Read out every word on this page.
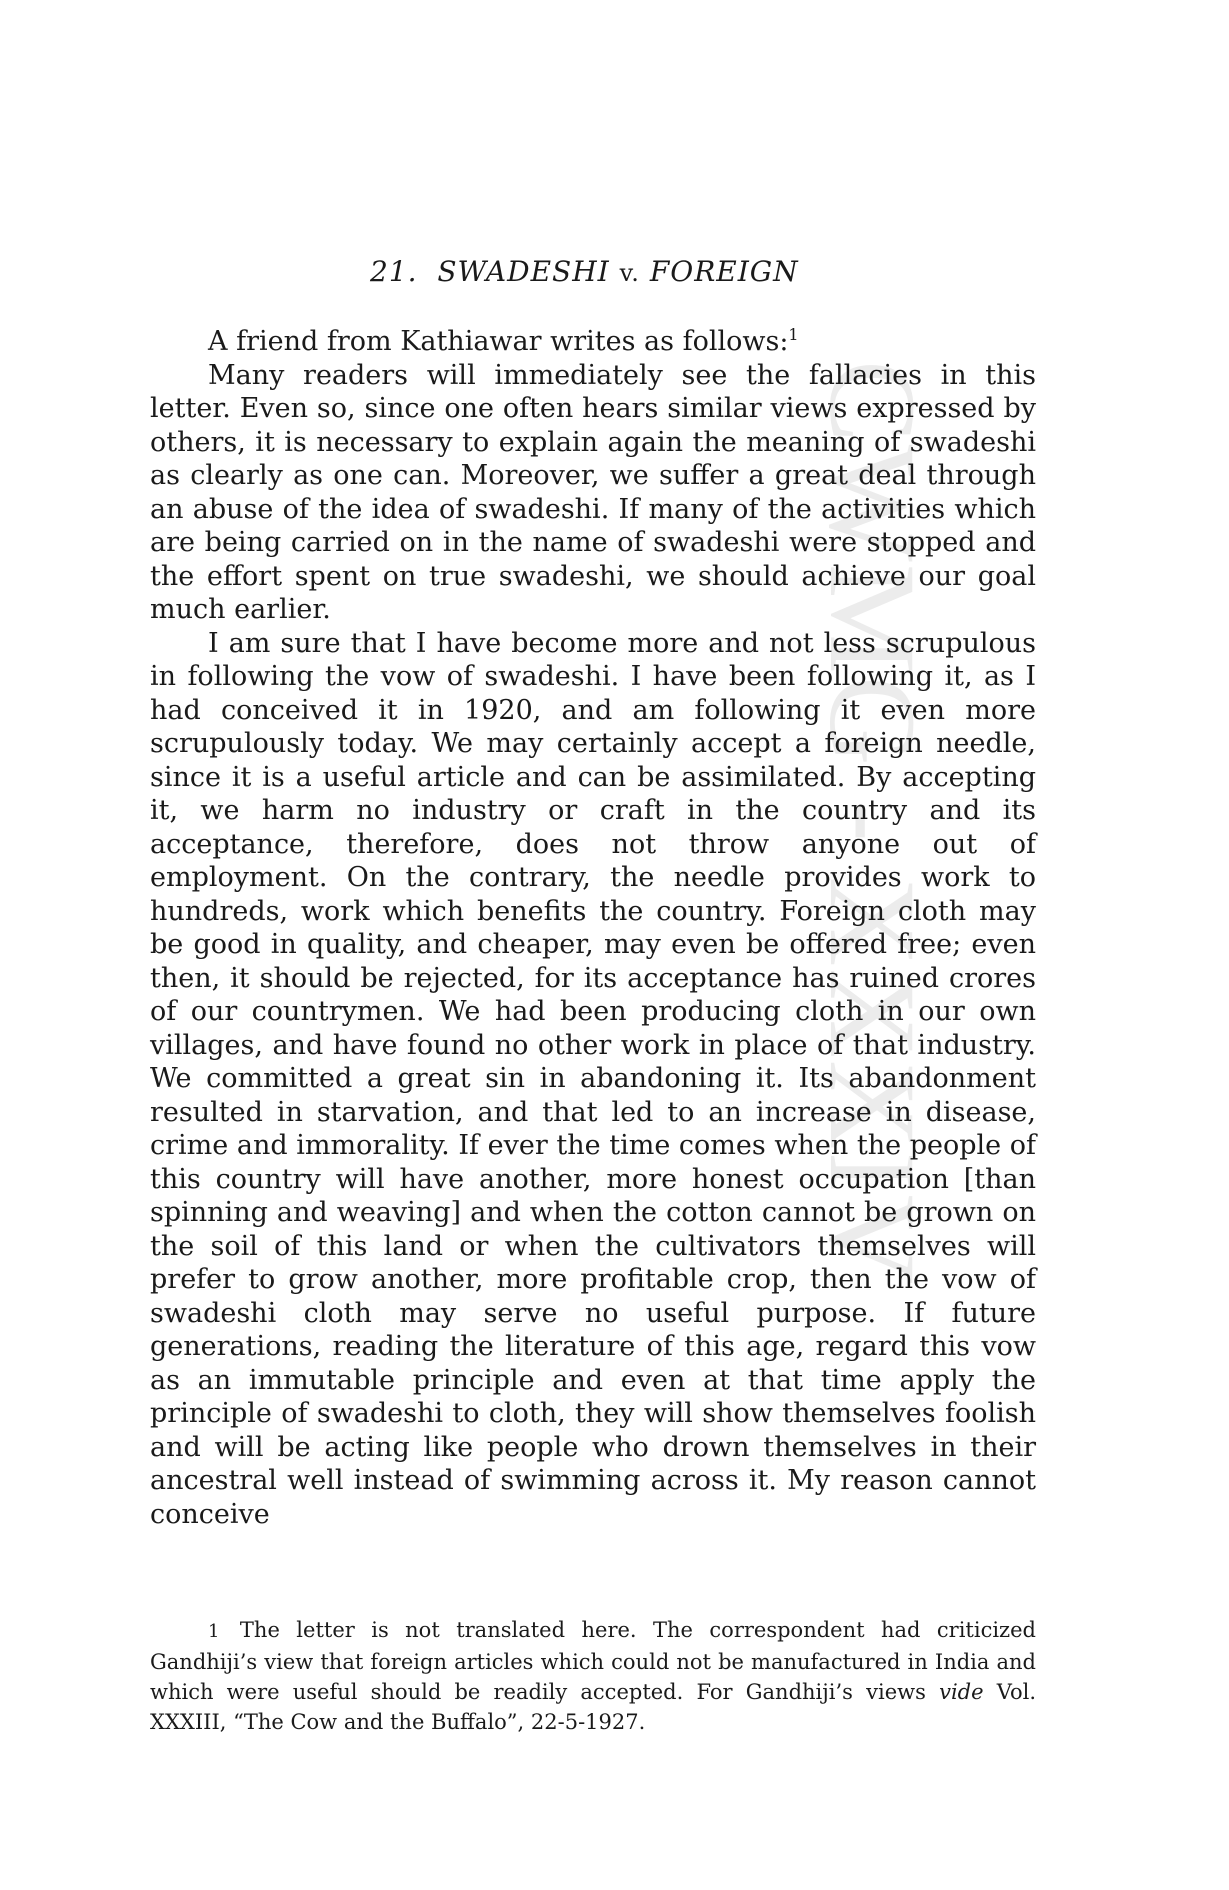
CWMG - XXXIV
21. SWADESHI v. FOREIGN

A friend from Kathiawar writes as follows:$^1$

Many readers will immediately see the fallacies in this letter. Even so, since one often hears similar views expressed by others, it is necessary to explain again the meaning of swadeshi as clearly as one can. Moreover, we suffer a great deal through an abuse of the idea of swadeshi. If many of the activities which are being carried on in the name of swadeshi were stopped and the effort spent on true swadeshi, we should achieve our goal much earlier.

I am sure that I have become more and not less scrupulous in following the vow of swadeshi. I have been following it, as I had conceived it in 1920, and am following it even more scrupulously today. We may certainly accept a foreign needle, since it is a useful article and can be assimilated. By accepting it, we harm no industry or craft in the country and its acceptance, therefore, does not throw anyone out of employment. On the contrary, the needle provides work to hundreds, work which benefits the country. Foreign cloth may be good in quality, and cheaper, may even be offered free; even then, it should be rejected, for its acceptance has ruined crores of our countrymen. We had been producing cloth in our own villages, and have found no other work in place of that industry. We committed a great sin in abandoning it. Its abandonment resulted in starvation, and that led to an increase in disease, crime and immorality. If ever the time comes when the people of this country will have another, more honest occupation [than spinning and weaving] and when the cotton cannot be grown on the soil of this land or when the cultivators themselves will prefer to grow another, more profitable crop, then the vow of swadeshi cloth may serve no useful purpose. If future generations, reading the literature of this age, regard this vow as an immutable principle and even at that time apply the principle of swadeshi to cloth, they will show themselves foolish and will be acting like people who drown themselves in their ancestral well instead of swimming across it. My reason cannot conceive

1 The letter is not translated here. The correspondent had criticized Gandhiji’s view that foreign articles which could not be manufactured in India and which were useful should be readily accepted. For Gandhiji’s views vide Vol. XXXIII, “The Cow and the Buffalo”, 22-5-1927.
